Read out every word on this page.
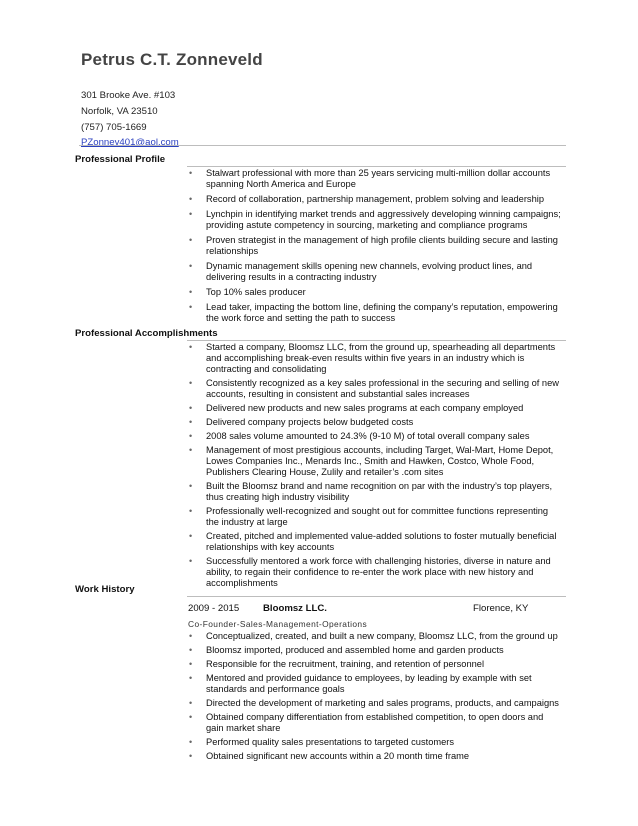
Petrus C.T. Zonneveld
301 Brooke Ave. #103
Norfolk, VA 23510
(757) 705-1669
PZonnev401@aol.com
Professional Profile
• Stalwart professional with more than 25 years servicing multi-million dollar accounts spanning North America and Europe
• Record of collaboration, partnership management, problem solving and leadership
• Lynchpin in identifying market trends and aggressively developing winning campaigns; providing astute competency in sourcing, marketing and compliance programs
• Proven strategist in the management of high profile clients building secure and lasting relationships
• Dynamic management skills opening new channels, evolving product lines, and delivering results in a contracting industry
• Top 10% sales producer
• Lead taker, impacting the bottom line, defining the company’s reputation, empowering the work force and setting the path to success
Professional Accomplishments
• Started a company, Bloomsz LLC, from the ground up, spearheading all departments and accomplishing break-even results within five years in an industry which is contracting and consolidating
• Consistently recognized as a key sales professional in the securing and selling of new accounts, resulting in consistent and substantial sales increases
• Delivered new products and new sales programs at each company employed
• Delivered company projects below budgeted costs
• 2008 sales volume amounted to 24.3% (9-10 M) of total overall company sales
• Management of most prestigious accounts, including Target, Wal-Mart, Home Depot, Lowes Companies Inc., Menards Inc., Smith and Hawken, Costco, Whole Food, Publishers Clearing House, Zulily and retailer’s .com sites
• Built the Bloomsz brand and name recognition on par with the industry’s top players, thus creating high industry visibility
• Professionally well-recognized and sought out for committee functions representing the industry at large
• Created, pitched and implemented value-added solutions to foster mutually beneficial relationships with key accounts
• Successfully mentored a work force with challenging histories, diverse in nature and ability, to regain their confidence to re-enter the work place with new history and accomplishments
Work History
2009 - 2015 Bloomsz LLC.	Florence, KY
Co-Founder-Sales-Management-Operations
• Conceptualized, created, and built a new company, Bloomsz LLC, from the ground up
• Bloomsz imported, produced and assembled home and garden products
• Responsible for the recruitment, training, and retention of personnel
• Mentored and provided guidance to employees, by leading by example with set standards and performance goals
• Directed the development of marketing and sales programs, products, and campaigns
• Obtained company differentiation from established competition, to open doors and gain market share
• Performed quality sales presentations to targeted customers
• Obtained significant new accounts within a 20 month time frame
